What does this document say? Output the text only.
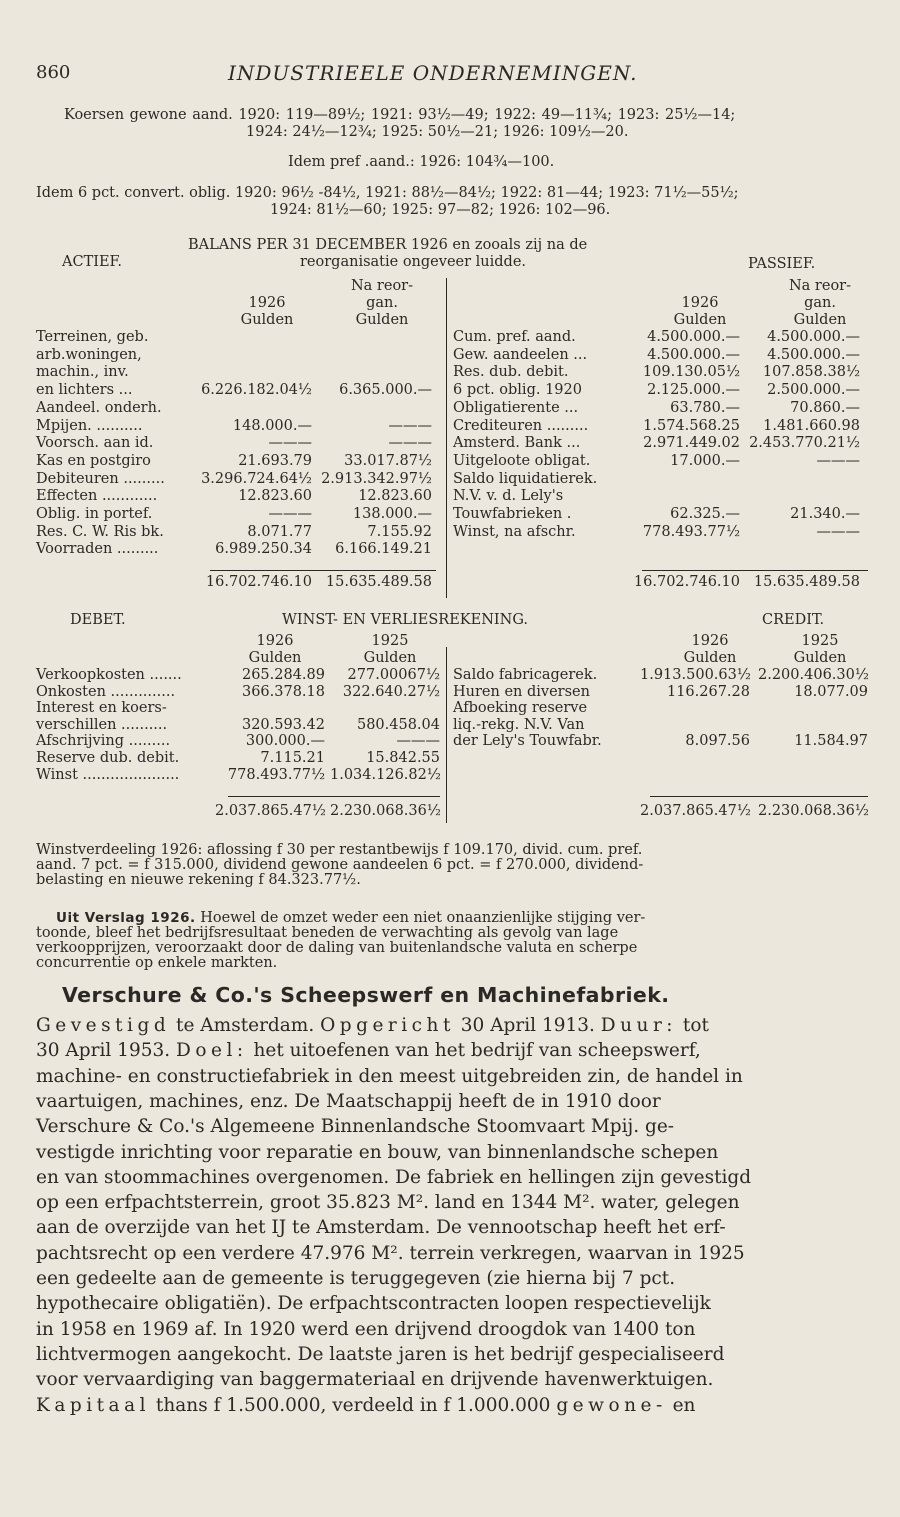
860	INDUSTRIEELE ONDERNEMINGEN.
Koersen gewone aand. 1920: 119—89½; 1921: 93½—49; 1922: 49—11¾; 1923: 25½—14;
1924: 24½—12¾; 1925: 50½—21; 1926: 109½—20.
Idem pref .aand.: 1926: 104¾—100.
Idem 6 pct. convert. oblig. 1920: 96½ -84½, 1921: 88½—84½; 1922: 81—44; 1923: 71½—55½;
1924: 81½—60; 1925: 97—82; 1926: 102—96.
BALANS PER 31 DECEMBER 1926 en zooals zij na de
ACTIEF.	reorganisatie ongeveer luidde.	PASSIEF.
Na reor-
1926	gan.
Gulden	Gulden
Na reor-
1926	gan.
Gulden	Gulden
Terreinen, geb.
arb.woningen,
machin., inv.
en lichters ...	6.226.182.04½	6.365.000.—
Aandeel. onderh.
Mpijen. ..........	148.000.—	———
Voorsch. aan id.	———	———
Kas en postgiro	21.693.79	33.017.87½
Debiteuren .........	3.296.724.64½ 2.913.342.97½
Effecten ............	12.823.60	12.823.60
Oblig. in portef.	———	138.000.—
Res. C. W. Ris bk.	8.071.77	7.155.92
Voorraden .........	6.989.250.34	6.166.149.21
Cum. pref. aand.	4.500.000.—	4.500.000.—
Gew. aandeelen ...	4.500.000.—	4.500.000.—
Res. dub. debit.	109.130.05½	107.858.38½
6 pct. oblig. 1920	2.125.000.—	2.500.000.—
Obligatierente ...	63.780.—	70.860.—
Crediteuren .........	1.574.568.25	1.481.660.98
Amsterd. Bank ...	2.971.449.02 2.453.770.21½
Uitgeloote obligat.	17.000.—	———
Saldo liquidatierek.
N.V. v. d. Lely's
Touwfabrieken .	62.325.—	21.340.—
Winst, na afschr.	778.493.77½	———
16.702.746.10 15.635.489.58	16.702.746.10 15.635.489.58
DEBET.	WINST- EN VERLIESREKENING.	CREDIT.
1926	1925
Gulden	Gulden
1926	1925
Gulden	Gulden
Verkoopkosten .......	265.284.89	277.00067½
Onkosten ..............	366.378.18	322.640.27½
Interest en koers-
verschillen ..........	320.593.42	580.458.04
Afschrijving .........	300.000.—	———
Reserve dub. debit.	7.115.21	15.842.55
Winst .....................	778.493.77½ 1.034.126.82½
Saldo fabricagerek.	1.913.500.63½ 2.200.406.30½
Huren en diversen	116.267.28	18.077.09
Afboeking reserve
liq.-rekg. N.V. Van
der Lely's Touwfabr.	8.097.56	11.584.97
2.037.865.47½ 2.230.068.36½	2.037.865.47½ 2.230.068.36½
Winstverdeeling 1926: aflossing f 30 per restantbewijs f 109.170, divid. cum. pref.
aand. 7 pct. = f 315.000, dividend gewone aandeelen 6 pct. = f 270.000, dividend-
belasting en nieuwe rekening f 84.323.77½.
Uit Verslag 1926. Hoewel de omzet weder een niet onaanzienlijke stijging ver-
toonde, bleef het bedrijfsresultaat beneden de verwachting als gevolg van lage
verkoopprijzen, veroorzaakt door de daling van buitenlandsche valuta en scherpe
concurrentie op enkele markten.
Verschure & Co.'s Scheepswerf en Machinefabriek.
Gevestigd te Amsterdam. Opgericht 30 April 1913. Duur: tot
30 April 1953. Doel: het uitoefenen van het bedrijf van scheepswerf,
machine- en constructiefabriek in den meest uitgebreiden zin, de handel in
vaartuigen, machines, enz. De Maatschappij heeft de in 1910 door
Verschure & Co.'s Algemeene Binnenlandsche Stoomvaart Mpij. ge-
vestigde inrichting voor reparatie en bouw, van binnenlandsche schepen
en van stoommachines overgenomen. De fabriek en hellingen zijn gevestigd
op een erfpachtsterrein, groot 35.823 M². land en 1344 M². water, gelegen
aan de overzijde van het IJ te Amsterdam. De vennootschap heeft het erf-
pachtsrecht op een verdere 47.976 M². terrein verkregen, waarvan in 1925
een gedeelte aan de gemeente is teruggegeven (zie hierna bij 7 pct.
hypothecaire obligatiën). De erfpachtscontracten loopen respectievelijk
in 1958 en 1969 af. In 1920 werd een drijvend droogdok van 1400 ton
lichtvermogen aangekocht. De laatste jaren is het bedrijf gespecialiseerd
voor vervaardiging van baggermateriaal en drijvende havenwerktuigen.
Kapitaal thans f 1.500.000, verdeeld in f 1.000.000 gewone- en
